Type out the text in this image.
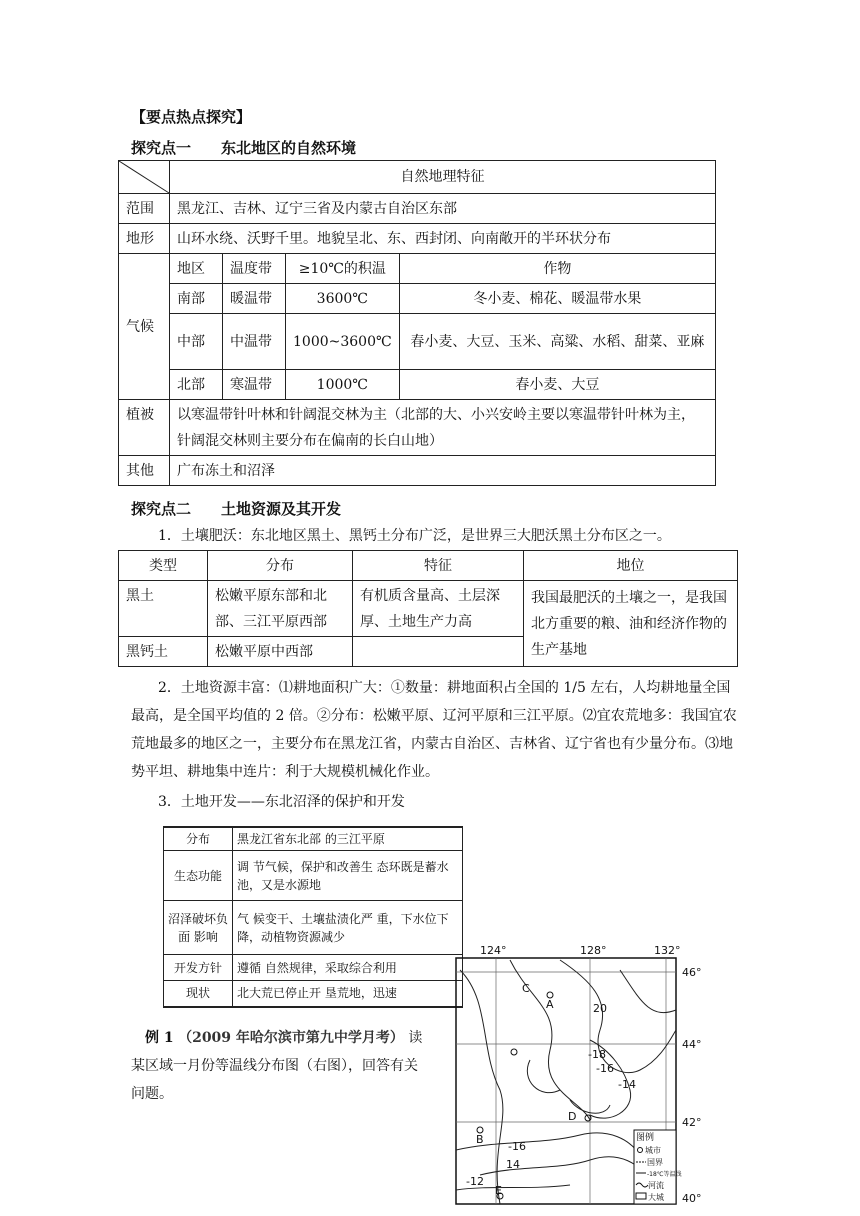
【要点热点探究】
探究点一　　东北地区的自然环境
	自然地理特征			
范围	黑龙江、吉林、辽宁三省及内蒙古自治区东部			
地形	山环水绕、沃野千里。地貌呈北、东、西封闭、向南敞开的半环状分布			
气候	地区	温度带	≥10℃的积温	作物
	南部	暖温带	3600℃	冬小麦、棉花、暖温带水果
	中部	中温带	1000~3600℃	春小麦、大豆、玉米、高粱、水稻、甜菜、亚麻
	北部	寒温带	1000℃	春小麦、大豆
植被	以寒温带针叶林和针阔混交林为主（北部的大、小兴安岭主要以寒温带针叶林为主，针阔混交林则主要分布在偏南的长白山地）			
其他	广布冻土和沼泽			
探究点二　　土地资源及其开发
1．土壤肥沃：东北地区黑土、黑钙土分布广泛，是世界三大肥沃黑土分布区之一。
类型	分布	特征	地位
黑土	松嫩平原东部和北部、三江平原西部	有机质含量高、土层深厚、土地生产力高	我国最肥沃的土壤之一，是我国北方重要的粮、油和经济作物的生产基地
黑钙土	松嫩平原中西部		
2．土地资源丰富：⑴耕地面积广大：①数量：耕地面积占全国的 1/5 左右，人均耕地量全国最高，是全国平均值的 2 倍。②分布：松嫩平原、辽河平原和三江平原。⑵宜农荒地多：我国宜农荒地最多的地区之一，主要分布在黑龙江省，内蒙古自治区、吉林省、辽宁省也有少量分布。⑶地势平坦、耕地集中连片：利于大规模机械化作业。
3．土地开发——东北沼泽的保护和开发
分布	黑龙江省东北部 的三江平原
生态功能	调 节气候，保护和改善生 态环既是蓄水池，又是水源地
沼泽破坏负面 影响	气 候变干、土壤盐渍化严 重，下水位下降，动植物资源减少
开发方针	遵循 自然规律，采取综合利用
现状	北大荒已停止开 垦荒地，迅速
例 1 （2009 年哈尔滨市第九中学月考） 读某区域一月份等温线分布图（右图），回答有关问题。
124°	128°	132°
46°
44°
42°
40°
20
-18
-16
-14
-16
14
-12
A
B
C
D
E
图例
城市
国界
-18℃等温线
河流
大城
